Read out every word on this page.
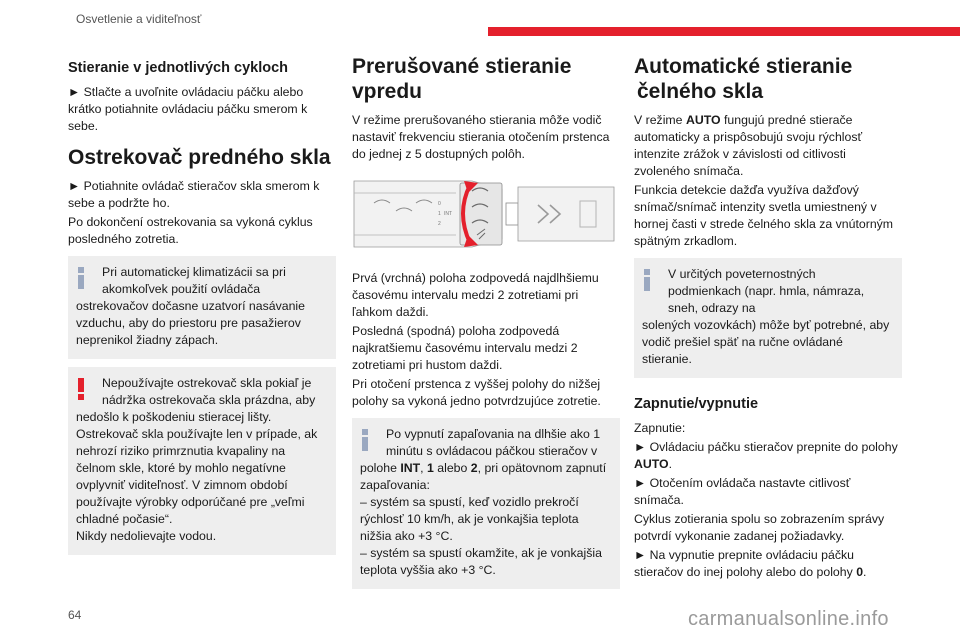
Osvetlenie a viditeľnosť
Stieranie v jednotlivých cykloch
► Stlačte a uvoľnite ovládaciu páčku alebo krátko potiahnite ovládaciu páčku smerom k sebe.
Ostrekovač predného skla
► Potiahnite ovládač stieračov skla smerom k sebe a podržte ho.
Po dokončení ostrekovania sa vykoná cyklus posledného zotretia.
Pri automatickej klimatizácii sa pri akomkoľvek použití ovládača
ostrekovačov dočasne uzatvorí nasávanie vzduchu, aby do priestoru pre pasažierov neprenikol žiadny zápach.
Nepoužívajte ostrekovač skla pokiaľ je nádržka ostrekovača skla prázdna, aby
nedošlo k poškodeniu stieracej lišty.
Ostrekovač skla používajte len v prípade, ak nehrozí riziko primrznutia kvapaliny na čelnom skle, ktoré by mohlo negatívne ovplyvniť viditeľnosť. V zimnom období používajte výrobky odporúčané pre „veľmi chladné počasie“.
Nikdy nedolievajte vodou.
Prerušované stieranie
vpredu
V režime prerušovaného stierania môže vodič nastaviť frekvenciu stierania otočením prstenca do jednej z 5 dostupných polôh.
0
1 INT
2
Prvá (vrchná) poloha zodpovedá najdlhšiemu časovému intervalu medzi 2 zotretiami pri ľahkom daždi.
Posledná (spodná) poloha zodpovedá najkratšiemu časovému intervalu medzi 2 zotretiami pri hustom daždi.
Pri otočení prstenca z vyššej polohy do nižšej polohy sa vykoná jedno potvrdzujúce zotretie.
Po vypnutí zapaľovania na dlhšie ako 1 minútu s ovládacou páčkou stieračov v
polohe INT, 1 alebo 2, pri opätovnom zapnutí zapaľovania:
– systém sa spustí, keď vozidlo prekročí rýchlosť 10 km/h, ak je vonkajšia teplota nižšia ako +3 °C.
– systém sa spustí okamžite, ak je vonkajšia teplota vyššia ako +3 °C.
Automatické stieranie
čelného skla
V režime AUTO fungujú predné stierače automaticky a prispôsobujú svoju rýchlosť intenzite zrážok v závislosti od citlivosti zvoleného snímača.
Funkcia detekcie dažďa využíva dažďový snímač/snímač intenzity svetla umiestnený v hornej časti v strede čelného skla za vnútorným spätným zrkadlom.
V určitých poveternostných podmienkach (napr. hmla, námraza, sneh, odrazy na
solených vozovkách) môže byť potrebné, aby vodič prešiel späť na ručne ovládané stieranie.
Zapnutie/vypnutie
Zapnutie:
► Ovládaciu páčku stieračov prepnite do polohy AUTO.
► Otočením ovládača nastavte citlivosť snímača.
Cyklus zotierania spolu so zobrazením správy potvrdí vykonanie zadanej požiadavky.
► Na vypnutie prepnite ovládaciu páčku stieračov do inej polohy alebo do polohy 0.
64	carmanualsonline.info
